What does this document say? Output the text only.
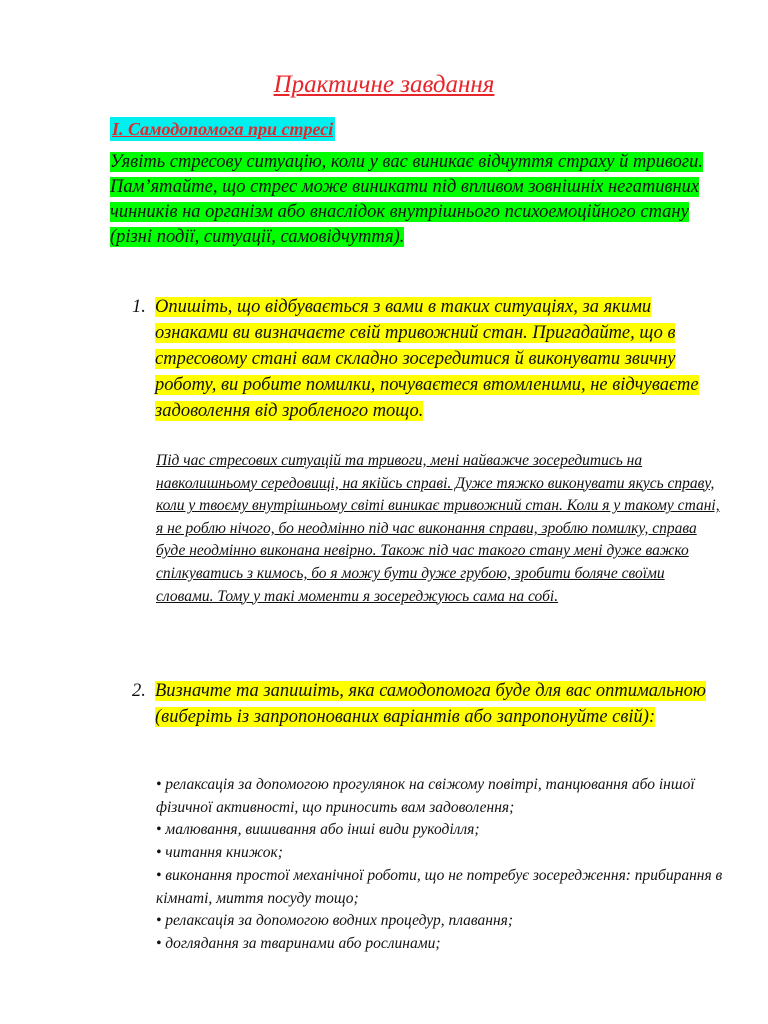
Практичне завдання
І. Самодопомога при стресі
Уявіть стресову ситуацію, коли у вас виникає відчуття страху й тривоги. Пам’ятайте, що стрес може виникати під впливом зовнішніх негативних чинників на організм або внаслідок внутрішнього психоемоційного стану (різні події, ситуації, самовідчуття).
1. Опишіть, що відбувається з вами в таких ситуаціях, за якими ознаками ви визначаєте свій тривожний стан. Пригадайте, що в стресовому стані вам складно зосередитися й виконувати звичну роботу, ви робите помилки, почуваєтеся втомленими, не відчуваєте задоволення від зробленого тощо.
Під час стресових ситуацій та тривоги, мені найважче зосередитись на навколишньому середовищі, на якійсь справі. Дуже тяжко виконувати якусь справу, коли у твоєму внутрішньому світі виникає тривожний стан. Коли я у такому стані, я не роблю нічого, бо неодмінно під час виконання справи, зроблю помилку, справа буде неодмінно виконана невірно. Також під час такого стану мені дуже важко спілкуватись з кимось, бо я можу бути дуже грубою, зробити боляче своїми словами. Тому у такі моменти я зосереджуюсь сама на собі.
2. Визначте та запишіть, яка самодопомога буде для вас оптимальною (виберіть із запропонованих варіантів або запропонуйте свій):
• релаксація за допомогою прогулянок на свіжому повітрі, танцювання або іншої фізичної активності, що приносить вам задоволення;
• малювання, вишивання або інші види рукоділля;
• читання книжок;
• виконання простої механічної роботи, що не потребує зосередження: прибирання в кімнаті, миття посуду тощо;
• релаксація за допомогою водних процедур, плавання;
• доглядання за тваринами або рослинами;
